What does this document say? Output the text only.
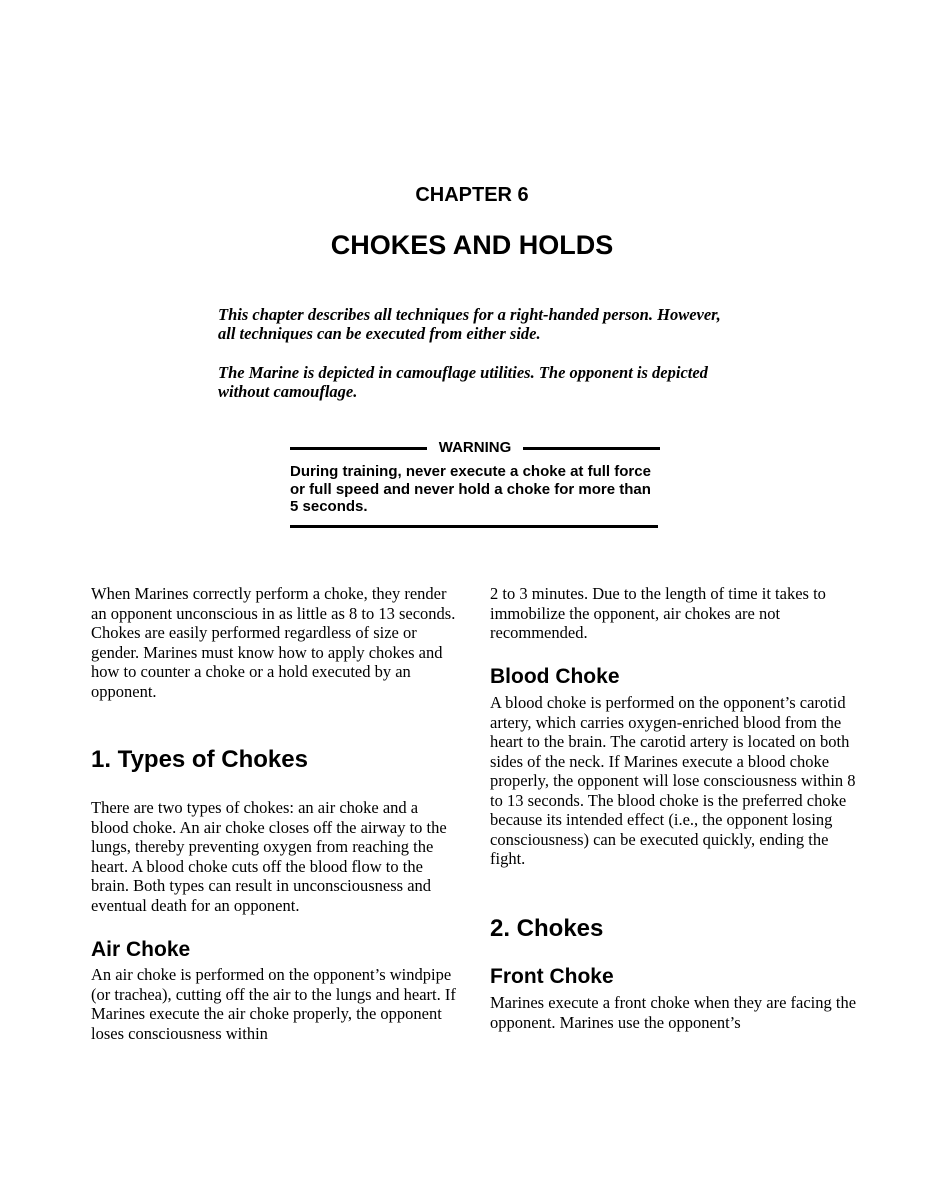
CHAPTER 6
CHOKES AND HOLDS
This chapter describes all techniques for a right-handed person. However, all techniques can be executed from either side.
The Marine is depicted in camouflage utilities. The opponent is depicted without camouflage.
WARNING
During training, never execute a choke at full force or full speed and never hold a choke for more than 5 seconds.
When Marines correctly perform a choke, they render an opponent unconscious in as little as 8 to 13 seconds. Chokes are easily performed regardless of size or gender. Marines must know how to apply chokes and how to counter a choke or a hold executed by an opponent.
1. Types of Chokes
There are two types of chokes: an air choke and a blood choke. An air choke closes off the airway to the lungs, thereby preventing oxygen from reaching the heart. A blood choke cuts off the blood flow to the brain. Both types can result in unconsciousness and eventual death for an opponent.
Air Choke
An air choke is performed on the opponent’s windpipe (or trachea), cutting off the air to the lungs and heart. If Marines execute the air choke properly, the opponent loses consciousness within
2 to 3 minutes. Due to the length of time it takes to immobilize the opponent, air chokes are not recommended.
Blood Choke
A blood choke is performed on the opponent’s carotid artery, which carries oxygen-enriched blood from the heart to the brain. The carotid artery is located on both sides of the neck. If Marines execute a blood choke properly, the opponent will lose consciousness within 8 to 13 seconds. The blood choke is the preferred choke because its intended effect (i.e., the opponent losing consciousness) can be executed quickly, ending the fight.
2. Chokes
Front Choke
Marines execute a front choke when they are facing the opponent. Marines use the opponent’s
